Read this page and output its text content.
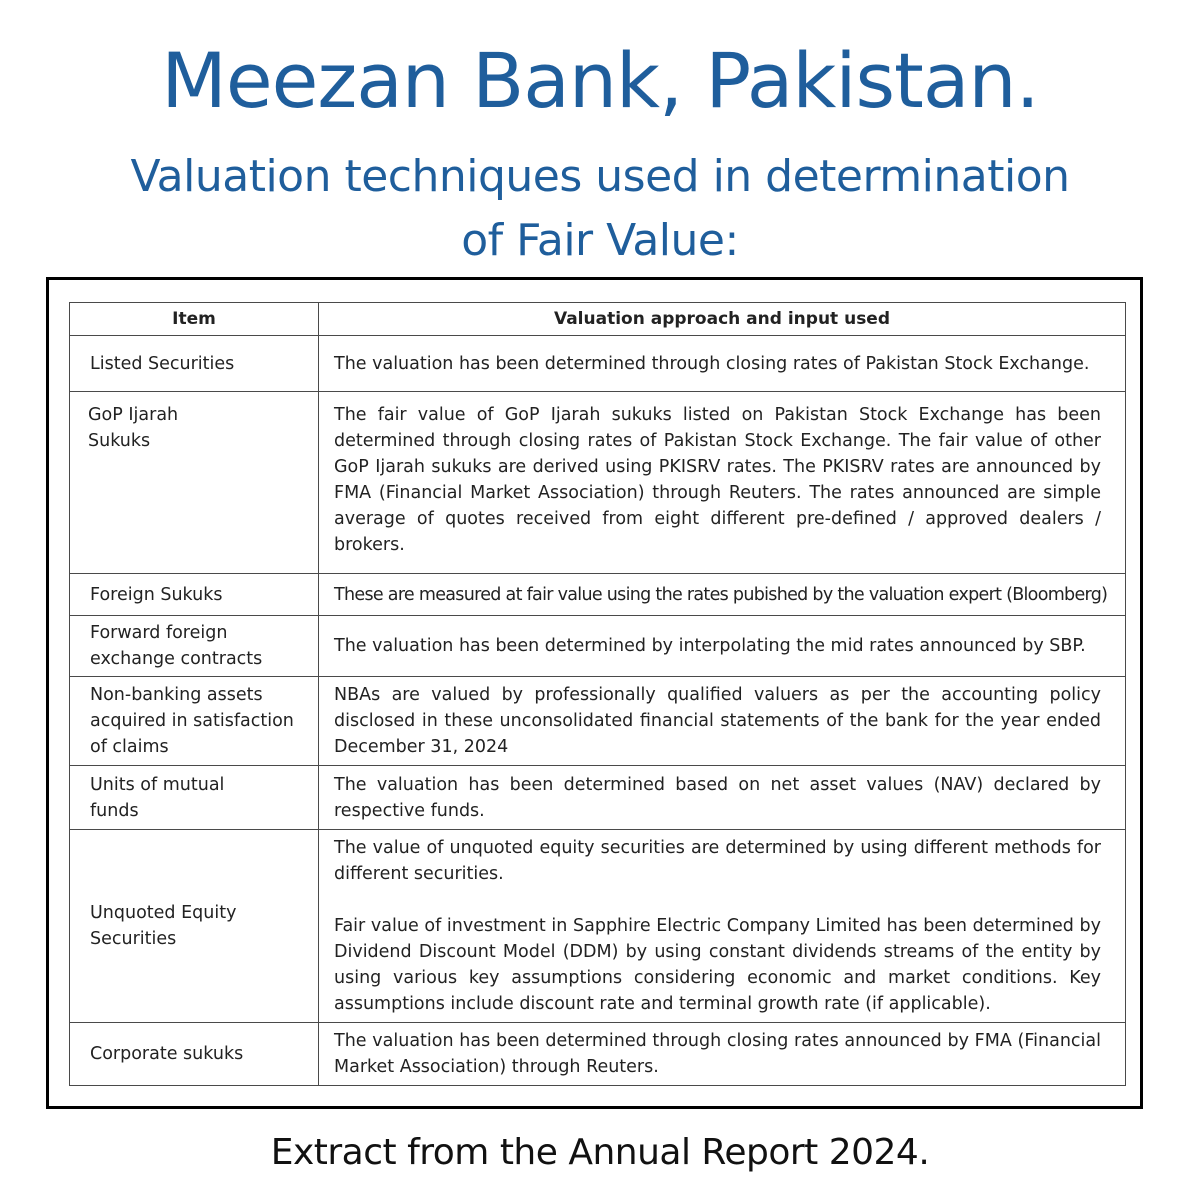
Meezan Bank, Pakistan.
Valuation techniques used in determination
of Fair Value:
Item	Valuation approach and input used
Listed Securities	The valuation has been determined through closing rates of Pakistan Stock Exchange.

GoP Ijarah Sukuks	The fair value of GoP Ijarah sukuks listed on Pakistan Stock Exchange has been determined through closing rates of Pakistan Stock Exchange. The fair value of other GoP Ijarah sukuks are derived using PKISRV rates. The PKISRV rates are announced by FMA (Financial Market Association) through Reuters. The rates announced are simple average of quotes received from eight different pre-defined / approved dealers / brokers.

Foreign Sukuks	These are measured at fair value using the rates pubished by the valuation expert (Bloomberg)

Forward foreign exchange contracts	The valuation has been determined by interpolating the mid rates announced by SBP.

Non-banking assets acquired in satisfaction of claims	NBAs are valued by professionally qualified valuers as per the accounting policy disclosed in these unconsolidated financial statements of the bank for the year ended December 31, 2024

Units of mutual funds	The valuation has been determined based on net asset values (NAV) declared by respective funds.

Unquoted Equity Securities	The value of unquoted equity securities are determined by using different methods for different securities.

Fair value of investment in Sapphire Electric Company Limited has been determined by Dividend Discount Model (DDM) by using constant dividends streams of the entity by using various key assumptions considering economic and market conditions. Key assumptions include discount rate and terminal growth rate (if applicable).

Corporate sukuks	The valuation has been determined through closing rates announced by FMA (Financial Market Association) through Reuters.

Extract from the Annual Report 2024.
